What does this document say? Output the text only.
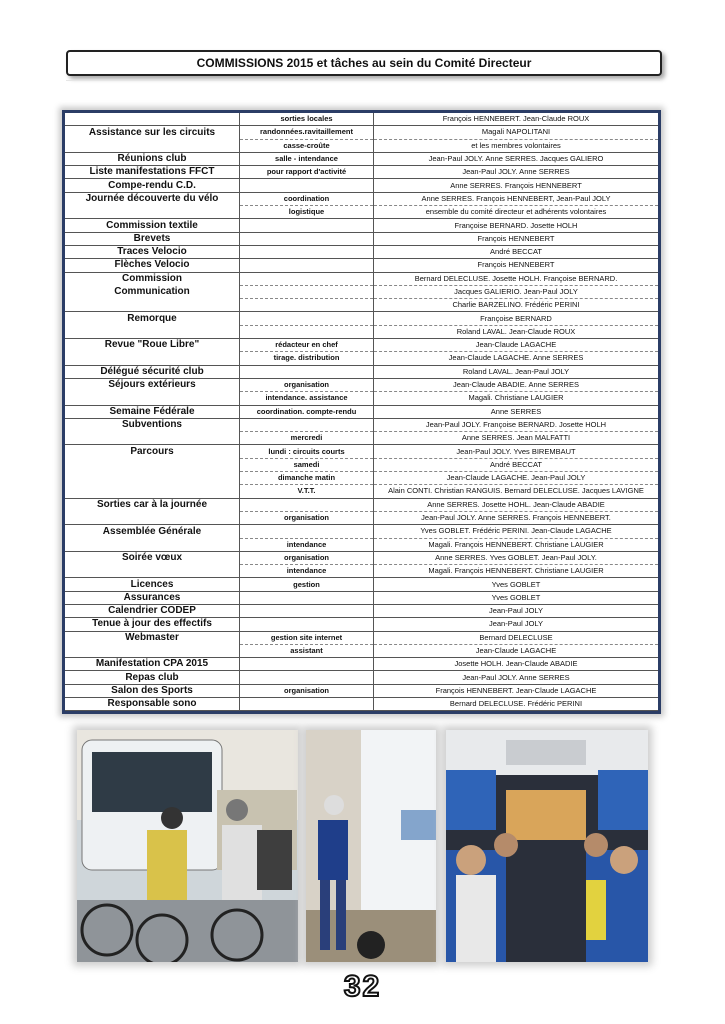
COMMISSIONS 2015 et tâches au sein du Comité Directeur
	sorties locales	François HENNEBERT. Jean-Claude ROUX
Assistance sur les circuits	randonnées.ravitaillement	Magali NAPOLITANI
	casse-croûte	et les membres volontaires
Réunions club	salle - intendance	Jean-Paul JOLY. Anne SERRES. Jacques GALIERO
Liste manifestations FFCT	pour rapport d'activité	Jean-Paul JOLY. Anne SERRES
Compe-rendu C.D.		Anne SERRES. François HENNEBERT
Journée découverte du vélo	coordination	Anne SERRES. François HENNEBERT, Jean-Paul JOLY
	logistique	ensemble du comité directeur et adhérents volontaires
Commission textile		Françoise BERNARD. Josette HOLH
Brevets		François HENNEBERT
Traces Velocio		André BECCAT
Flèches Velocio		François HENNEBERT
Commission		Bernard DELECLUSE. Josette HOLH. Françoise BERNARD.
Communication		Jacques GALIERIO. Jean-Paul JOLY
		Charlie BARZELINO. Frédéric PERINI
Remorque		Françoise BERNARD
		Roland LAVAL. Jean-Claude ROUX
Revue "Roue Libre"	rédacteur en chef	Jean-Claude LAGACHE
	tirage. distribution	Jean-Claude LAGACHE. Anne SERRES
Délégué sécurité club		Roland LAVAL. Jean-Paul JOLY
Séjours extérieurs	organisation	Jean-Claude ABADIE. Anne SERRES
	intendance. assistance	Magali. Christiane LAUGIER
Semaine Fédérale	coordination. compte-rendu	Anne SERRES
Subventions		Jean-Paul JOLY. Françoise BERNARD. Josette HOLH
	mercredi	Anne SERRES. Jean MALFATTI
Parcours	lundi : circuits courts	Jean-Paul JOLY. Yves BIREMBAUT
	samedi	André BECCAT
	dimanche matin	Jean-Claude LAGACHE. Jean-Paul JOLY
	V.T.T.	Alain CONTI. Christian RANGUIS. Bernard DELECLUSE. Jacques LAVIGNE
Sorties car à la journée		Anne SERRES. Josette HOHL. Jean-Claude ABADIE
	organisation	Jean-Paul JOLY. Anne SERRES. François HENNEBERT.
Assemblée Générale		Yves GOBLET. Frédéric PERINI. Jean-Claude LAGACHE
	intendance	Magali. François HENNEBERT. Christiane LAUGIER
Soirée vœux	organisation	Anne SERRES. Yves GOBLET. Jean-Paul JOLY.
	intendance	Magali. François HENNEBERT. Christiane LAUGIER
Licences	gestion	Yves GOBLET
Assurances		Yves GOBLET
Calendrier CODEP		Jean-Paul JOLY
Tenue à jour des effectifs		Jean-Paul JOLY
Webmaster	gestion site internet	Bernard DELECLUSE
	assistant	Jean-Claude LAGACHE
Manifestation CPA 2015		Josette HOLH. Jean-Claude ABADIE
Repas club		Jean-Paul JOLY. Anne SERRES
Salon des Sports	organisation	François HENNEBERT. Jean-Claude LAGACHE
Responsable sono		Bernard DELECLUSE. Frédéric PERINI
32
